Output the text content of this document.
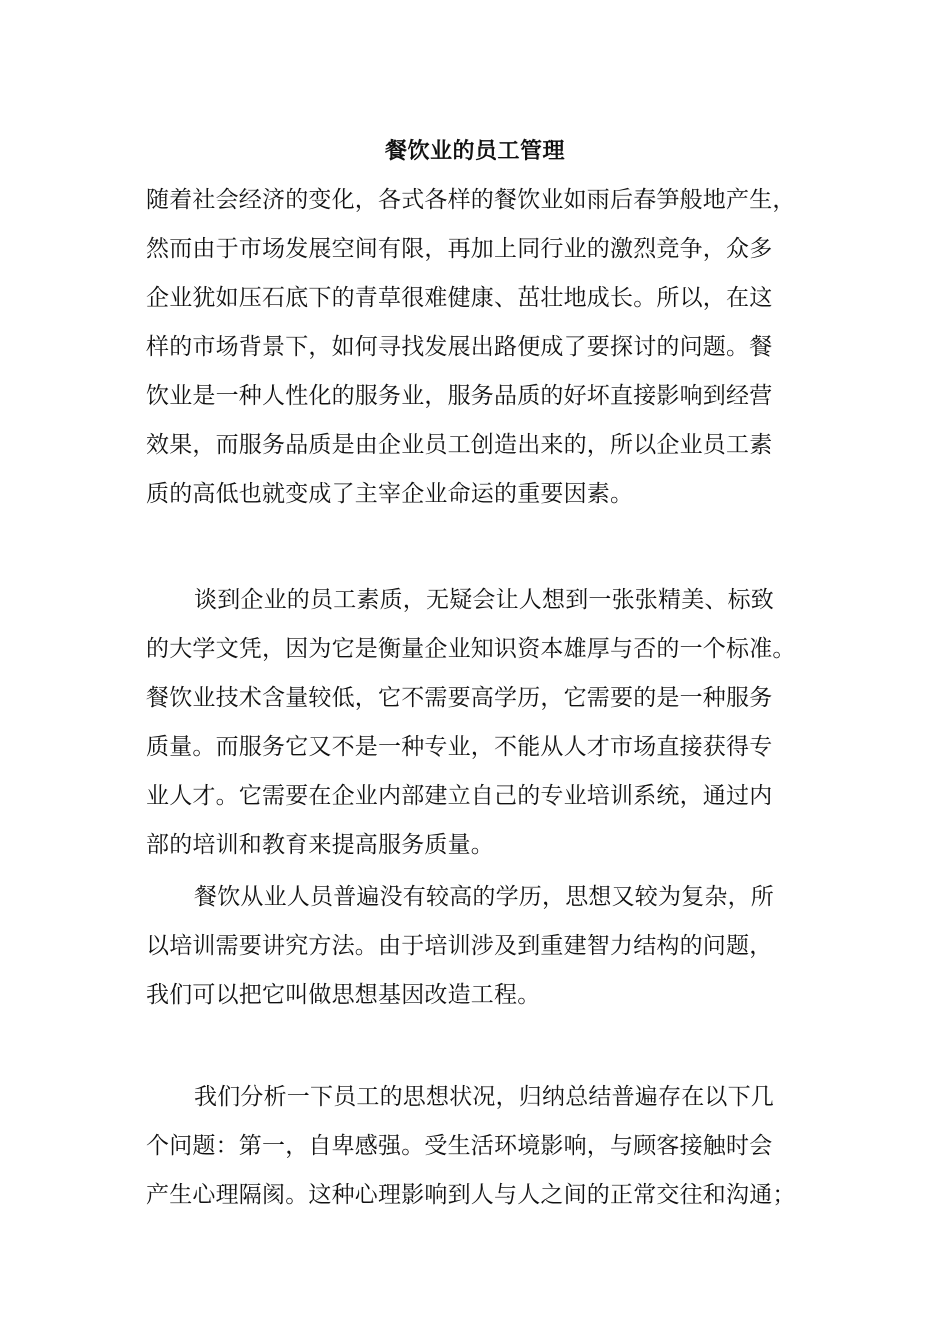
餐饮业的员工管理
随着社会经济的变化，各式各样的餐饮业如雨后春笋般地产生，
然而由于市场发展空间有限，再加上同行业的激烈竞争，众多
企业犹如压石底下的青草很难健康、茁壮地成长。所以，在这
样的市场背景下，如何寻找发展出路便成了要探讨的问题。餐
饮业是一种人性化的服务业，服务品质的好坏直接影响到经营
效果，而服务品质是由企业员工创造出来的，所以企业员工素
质的高低也就变成了主宰企业命运的重要因素。
谈到企业的员工素质，无疑会让人想到一张张精美、标致
的大学文凭，因为它是衡量企业知识资本雄厚与否的一个标准。
餐饮业技术含量较低，它不需要高学历，它需要的是一种服务
质量。而服务它又不是一种专业，不能从人才市场直接获得专
业人才。它需要在企业内部建立自己的专业培训系统，通过内
部的培训和教育来提高服务质量。
餐饮从业人员普遍没有较高的学历，思想又较为复杂，所
以培训需要讲究方法。由于培训涉及到重建智力结构的问题，
我们可以把它叫做思想基因改造工程。
我们分析一下员工的思想状况，归纳总结普遍存在以下几
个问题：第一，自卑感强。受生活环境影响，与顾客接触时会
产生心理隔阂。这种心理影响到人与人之间的正常交往和沟通；
